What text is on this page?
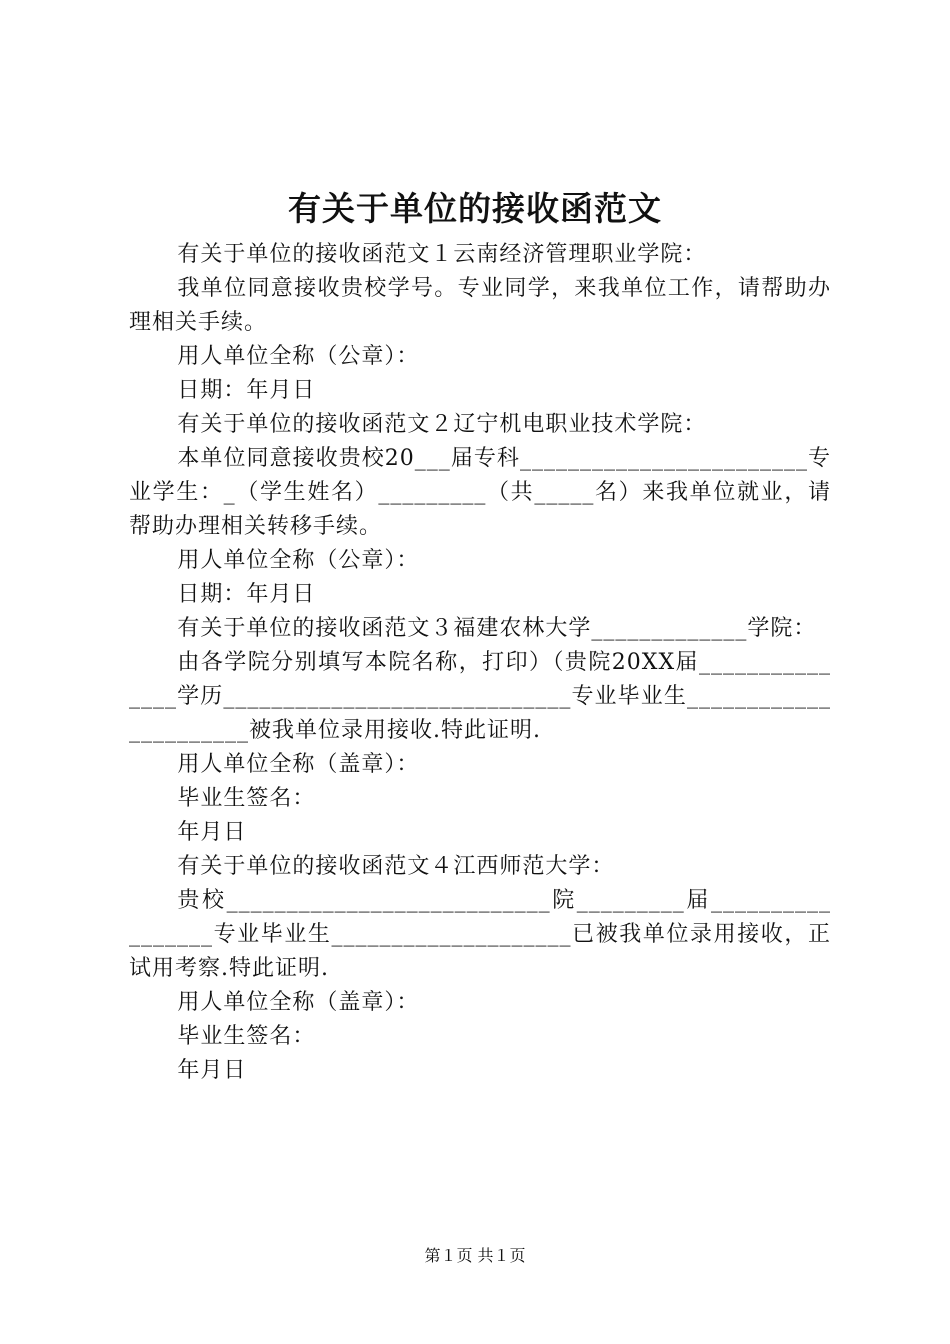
有关于单位的接收函范文

有关于单位的接收函范文１云南经济管理职业学院：

我单位同意接收贵校学号。专业同学，来我单位工作，请帮助办理相关手续。

用人单位全称（公章）：

日期：年月日

有关于单位的接收函范文２辽宁机电职业技术学院：

本单位同意接收贵校20___届专科________________________专业学生：_（学生姓名）_________（共_____名）来我单位就业，请帮助办理相关转移手续。

用人单位全称（公章）：

日期：年月日

有关于单位的接收函范文３福建农林大学_____________学院：

由各学院分别填写本院名称，打印）（贵院20XX届_______________学历_____________________________专业毕业生______________________被我单位录用接收.特此证明.

用人单位全称（盖章）：

毕业生签名：

年月日

有关于单位的接收函范文４江西师范大学：

贵校___________________________院_________届_________________专业毕业生____________________已被我单位录用接收，正试用考察.特此证明.

用人单位全称（盖章）：

毕业生签名：

年月日

第１页 共１页
